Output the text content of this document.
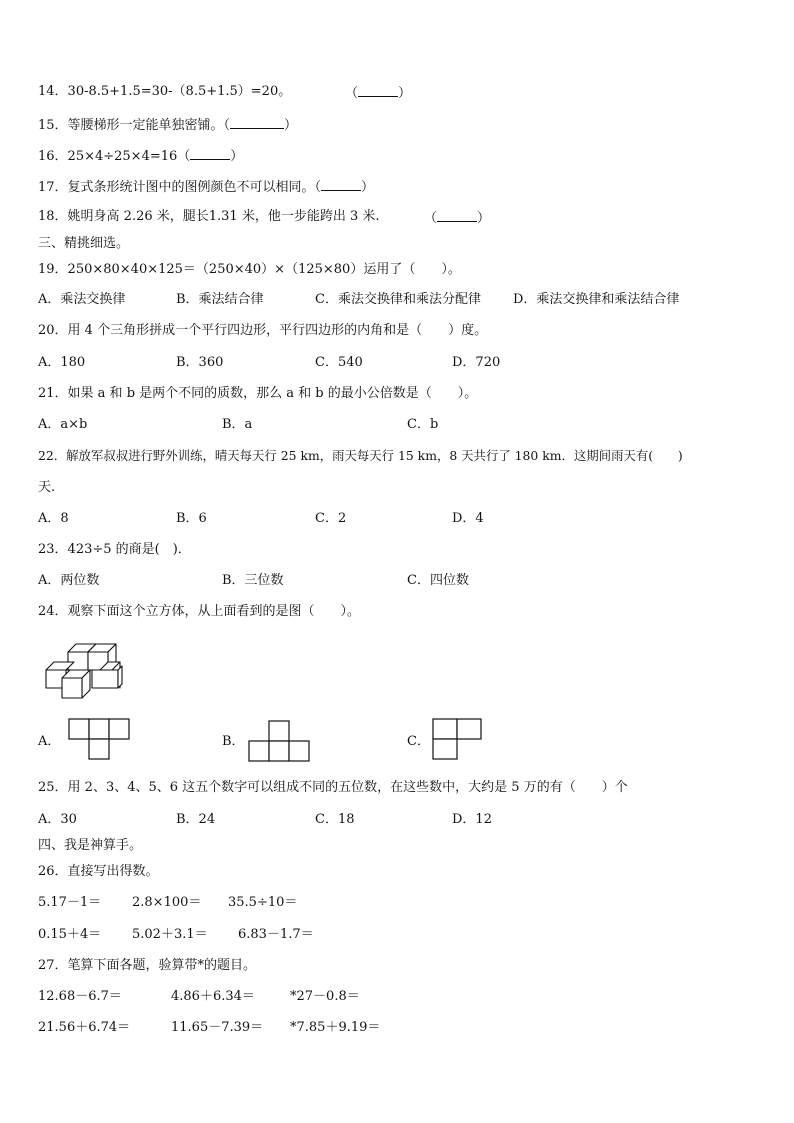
14．30-8.5+1.5=30-（8.5+1.5）=20。	（	）
15．等腰梯形一定能单独密铺。（	）
16．25×4÷25×4=16（	）
17．复式条形统计图中的图例颜色不可以相同。（	）
18．姚明身高 2.26 米，腿长1.31 米，他一步能跨出 3 米.	（	）
三、精挑细选。
19．250×80×40×125＝（250×40）×（125×80）运用了（　　）。
A．乘法交换律	B．乘法结合律	C．乘法交换律和乘法分配律 D．乘法交换律和乘法结合律
20．用 4 个三角形拼成一个平行四边形，平行四边形的内角和是（　　）度。
A．180	B．360	C．540	D．720
21．如果 a 和 b 是两个不同的质数，那么 a 和 b 的最小公倍数是（　　）。
A．a×b	B．a	C．b
22．解放军叔叔进行野外训练，晴天每天行 25 km，雨天每天行 15 km，8 天共行了 180 km．这期间雨天有(　　)
天.
A．8	B．6	C．2	D．4
23．423÷5 的商是(　)．
A．两位数	B．三位数	C．四位数
24．观察下面这个立方体，从上面看到的是图（　　）。
A．	B．	C．
25．用 2、3、4、5、6 这五个数字可以组成不同的五位数，在这些数中，大约是 5 万的有（　　）个
A．30	B．24	C．18	D．12
四、我是神算手。
26．直接写出得数。
5.17－1＝ 2.8×100＝ 35.5÷10＝
0.15＋4＝ 5.02＋3.1＝ 6.83－1.7＝
27．笔算下面各题，验算带*的题目。
12.68－6.7＝	4.86＋6.34＝	*27－0.8＝
21.56＋6.74＝	11.65－7.39＝ *7.85＋9.19＝
